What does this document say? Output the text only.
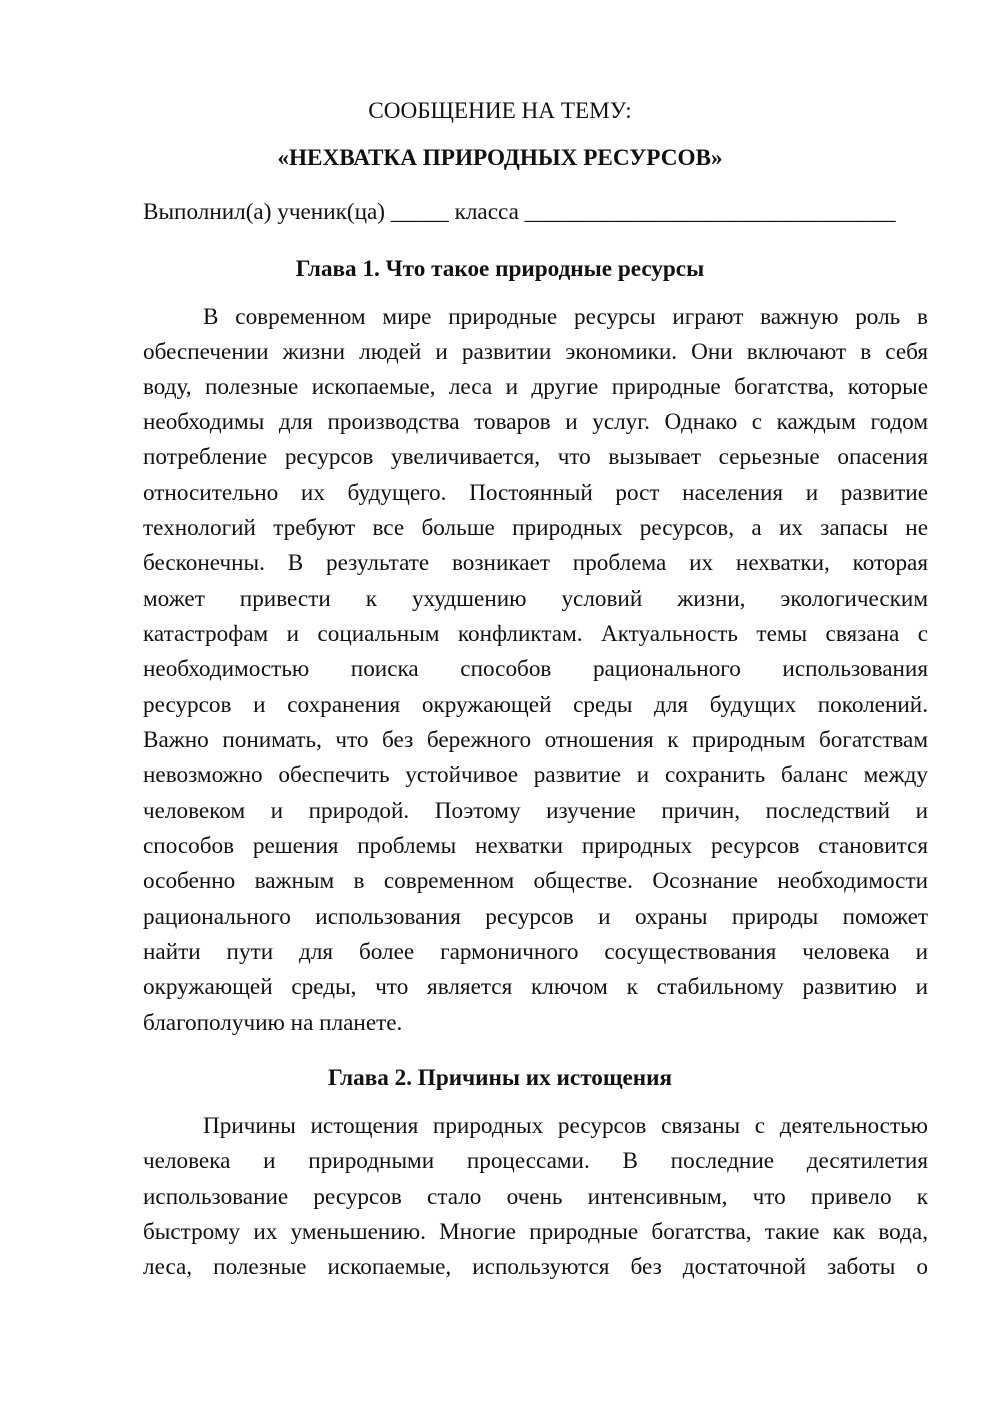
СООБЩЕНИЕ НА ТЕМУ:
«НЕХВАТКА ПРИРОДНЫХ РЕСУРСОВ»
Выполнил(а) ученик(ца) _____ класса ________________________________
Глава 1. Что такое природные ресурсы
В современном мире природные ресурсы играют важную роль в
обеспечении жизни людей и развитии экономики. Они включают в себя
воду, полезные ископаемые, леса и другие природные богатства, которые
необходимы для производства товаров и услуг. Однако с каждым годом
потребление ресурсов увеличивается, что вызывает серьезные опасения
относительно их будущего. Постоянный рост населения и развитие
технологий требуют все больше природных ресурсов, а их запасы не
бесконечны. В результате возникает проблема их нехватки, которая
может привести к ухудшению условий жизни, экологическим
катастрофам и социальным конфликтам. Актуальность темы связана с
необходимостью поиска способов рационального использования
ресурсов и сохранения окружающей среды для будущих поколений.
Важно понимать, что без бережного отношения к природным богатствам
невозможно обеспечить устойчивое развитие и сохранить баланс между
человеком и природой. Поэтому изучение причин, последствий и
способов решения проблемы нехватки природных ресурсов становится
особенно важным в современном обществе. Осознание необходимости
рационального использования ресурсов и охраны природы поможет
найти пути для более гармоничного сосуществования человека и
окружающей среды, что является ключом к стабильному развитию и
благополучию на планете.
Глава 2. Причины их истощения
Причины истощения природных ресурсов связаны с деятельностью
человека и природными процессами. В последние десятилетия
использование ресурсов стало очень интенсивным, что привело к
быстрому их уменьшению. Многие природные богатства, такие как вода,
леса, полезные ископаемые, используются без достаточной заботы о
